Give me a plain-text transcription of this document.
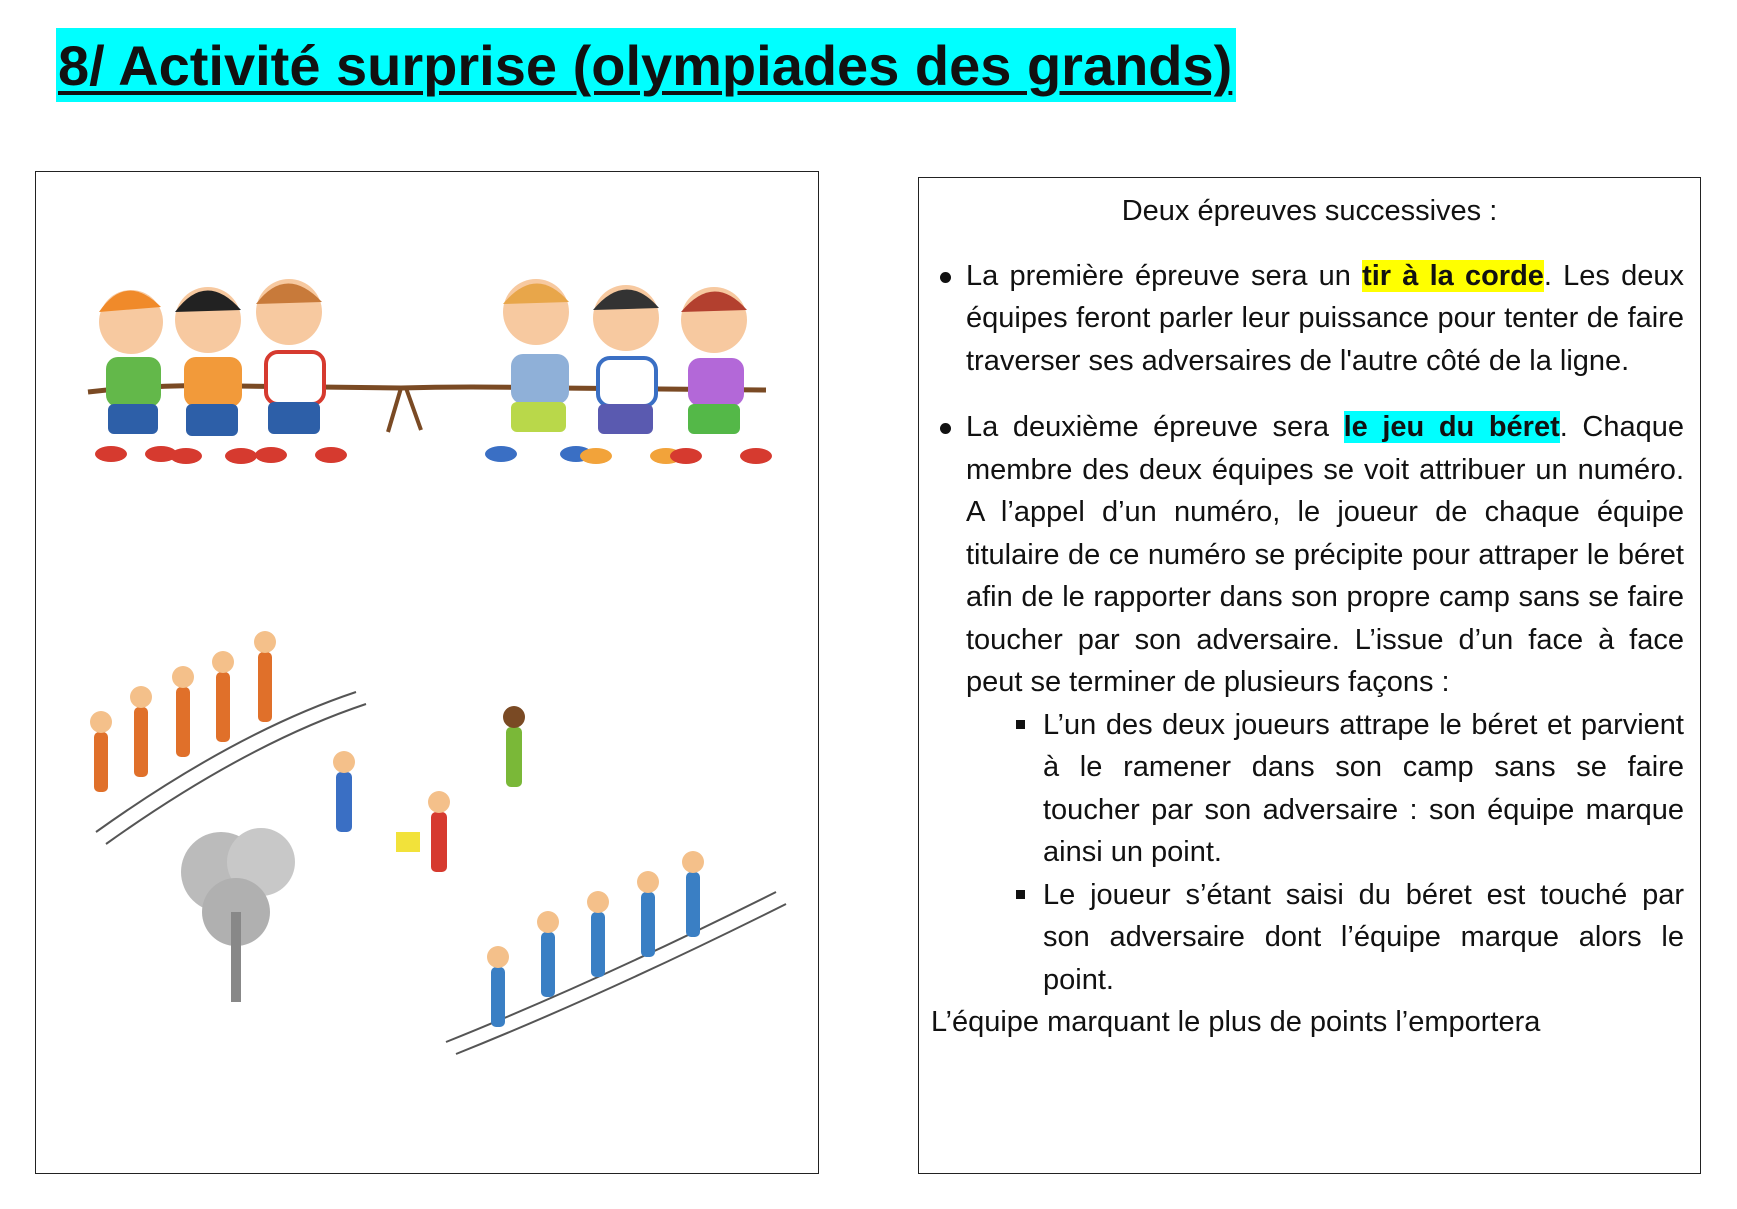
8/ Activité surprise (olympiades des grands)
Deux épreuves successives :
La première épreuve sera un tir à la corde. Les deux équipes feront parler leur puissance pour tenter de faire traverser ses adversaires de l'autre côté de la ligne.
La deuxième épreuve sera le jeu du béret. Chaque membre des deux équipes se voit attribuer un numéro. A l’appel d’un numéro, le joueur de chaque équipe titulaire de ce numéro se précipite pour attraper le béret afin de le rapporter dans son propre camp sans se faire toucher par son adversaire. L’issue d’un face à face peut se terminer de plusieurs façons :
L’un des deux joueurs attrape le béret et parvient à le ramener dans son camp sans se faire toucher par son adversaire : son équipe marque ainsi un point.
Le joueur s’étant saisi du béret est touché par son adversaire dont l’équipe marque alors le point.
L’équipe marquant le plus de points l’emportera
